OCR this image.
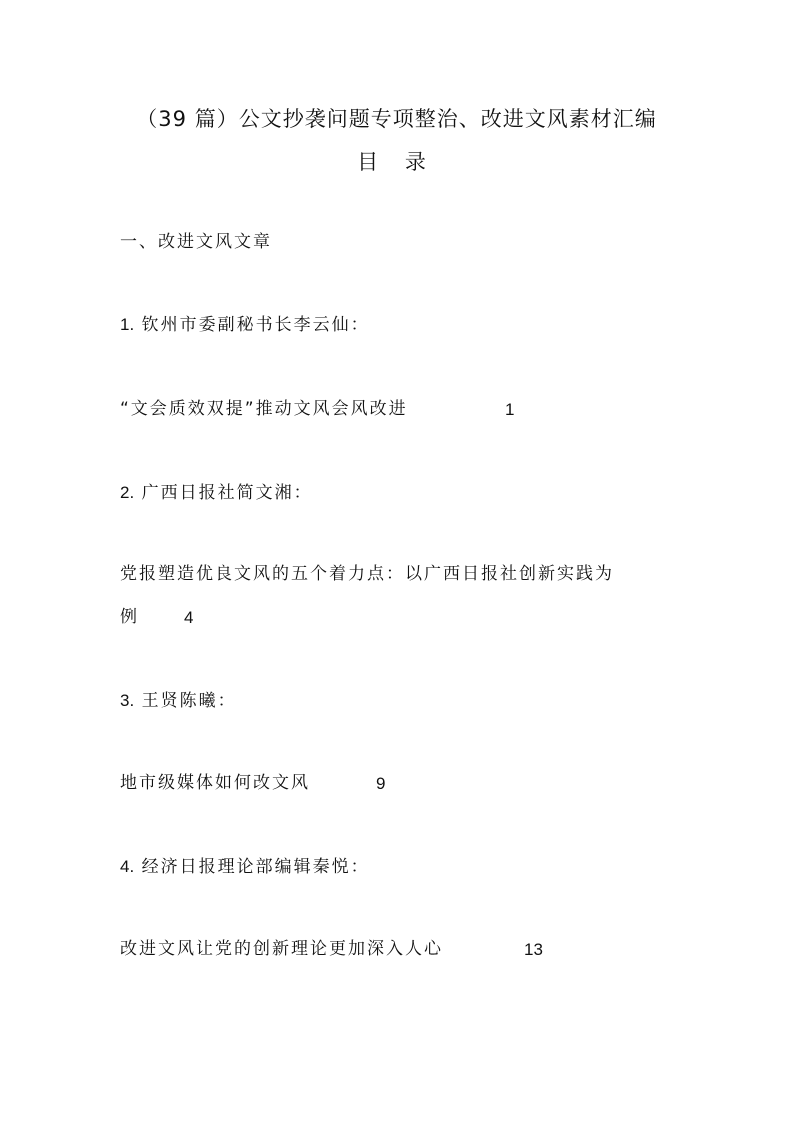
（39 篇）公文抄袭问题专项整治、改进文风素材汇编
目 录
一、改进文风文章
1. 钦州市委副秘书长李云仙：
“文会质效双提”推动文风会风改进	1
2. 广西日报社简文湘：
党报塑造优良文风的五个着力点：以广西日报社创新实践为
例	4
3. 王贤陈曦：
地市级媒体如何改文风	9
4. 经济日报理论部编辑秦悦：
改进文风让党的创新理论更加深入人心	13
